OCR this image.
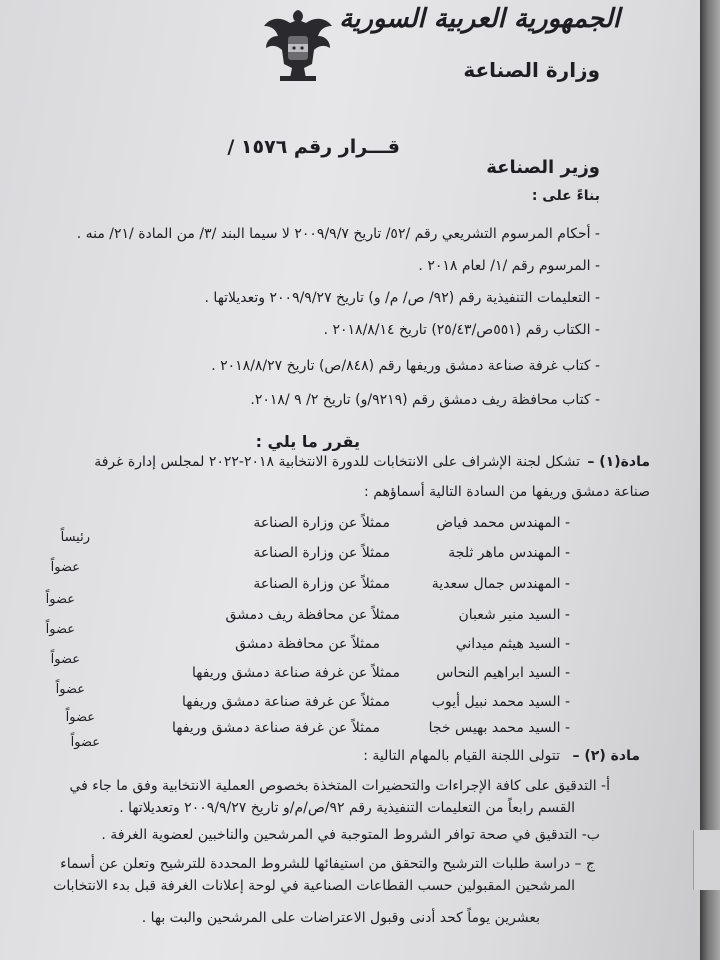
الجمهورية العربية السورية
وزارة الصناعة
قـــرار رقم ١٥٧٦ /
وزير الصناعة
بناءً على :
- أحكام المرسوم التشريعي رقم /٥٢/ تاريخ ٢٠٠٩/٩/٧ لا سيما البند /٣/ من المادة /٢١/ منه .
- المرسوم رقم /١/ لعام ٢٠١٨ .
- التعليمات التنفيذية رقم (٩٢/ ص/ م/ و) تاريخ ٢٠٠٩/٩/٢٧ وتعديلاتها .
- الكتاب رقم (٥٥١ص/٢٥/٤٣) تاريخ ٢٠١٨/٨/١٤ .
- كتاب غرفة صناعة دمشق وريفها رقم (٨٤٨/ص) تاريخ ٢٠١٨/٨/٢٧ .
- كتاب محافظة ريف دمشق رقم (٩٢١٩/و) تاريخ ٢/ ٩ /٢٠١٨.
يقرر ما يلي :
مادة(١) –
تشكل لجنة الإشراف على الانتخابات للدورة الانتخابية ٢٠١٨-٢٠٢٢ لمجلس إدارة غرفة
صناعة دمشق وريفها من السادة التالية أسماؤهم :
- المهندس محمد فياض
ممثلاً عن وزارة الصناعة
رئيساً
- المهندس ماهر ثلجة
ممثلاً عن وزارة الصناعة
عضواً
- المهندس جمال سعدية
ممثلاً عن وزارة الصناعة
عضواً
- السيد منير شعبان
ممثلاً عن محافظة ريف دمشق
عضواً
- السيد هيثم ميداني
ممثلاً عن محافظة دمشق
عضواً
- السيد ابراهيم النحاس
ممثلاً عن غرفة صناعة دمشق وريفها
عضواً
- السيد محمد نبيل أيوب
ممثلاً عن غرفة صناعة دمشق وريفها
عضواً
- السيد محمد بهيس خجا
ممثلاً عن غرفة صناعة دمشق وريفها
عضواً
مادة (٢) –
تتولى اللجنة القيام بالمهام التالية :
أ- التدقيق على كافة الإجراءات والتحضيرات المتخذة بخصوص العملية الانتخابية وفق ما جاء في
القسم رابعاً من التعليمات التنفيذية رقم ٩٢/ص/م/و تاريخ ٢٠٠٩/٩/٢٧ وتعديلاتها .
ب- التدقيق في صحة توافر الشروط المتوجبة في المرشحين والناخبين لعضوية الغرفة .
ج – دراسة طلبات الترشيح والتحقق من استيفائها للشروط المحددة للترشيح وتعلن عن أسماء
المرشحين المقبولين حسب القطاعات الصناعية في لوحة إعلانات الغرفة قبل بدء الانتخابات
بعشرين يوماً كحد أدنى وقبول الاعتراضات على المرشحين والبت بها .
